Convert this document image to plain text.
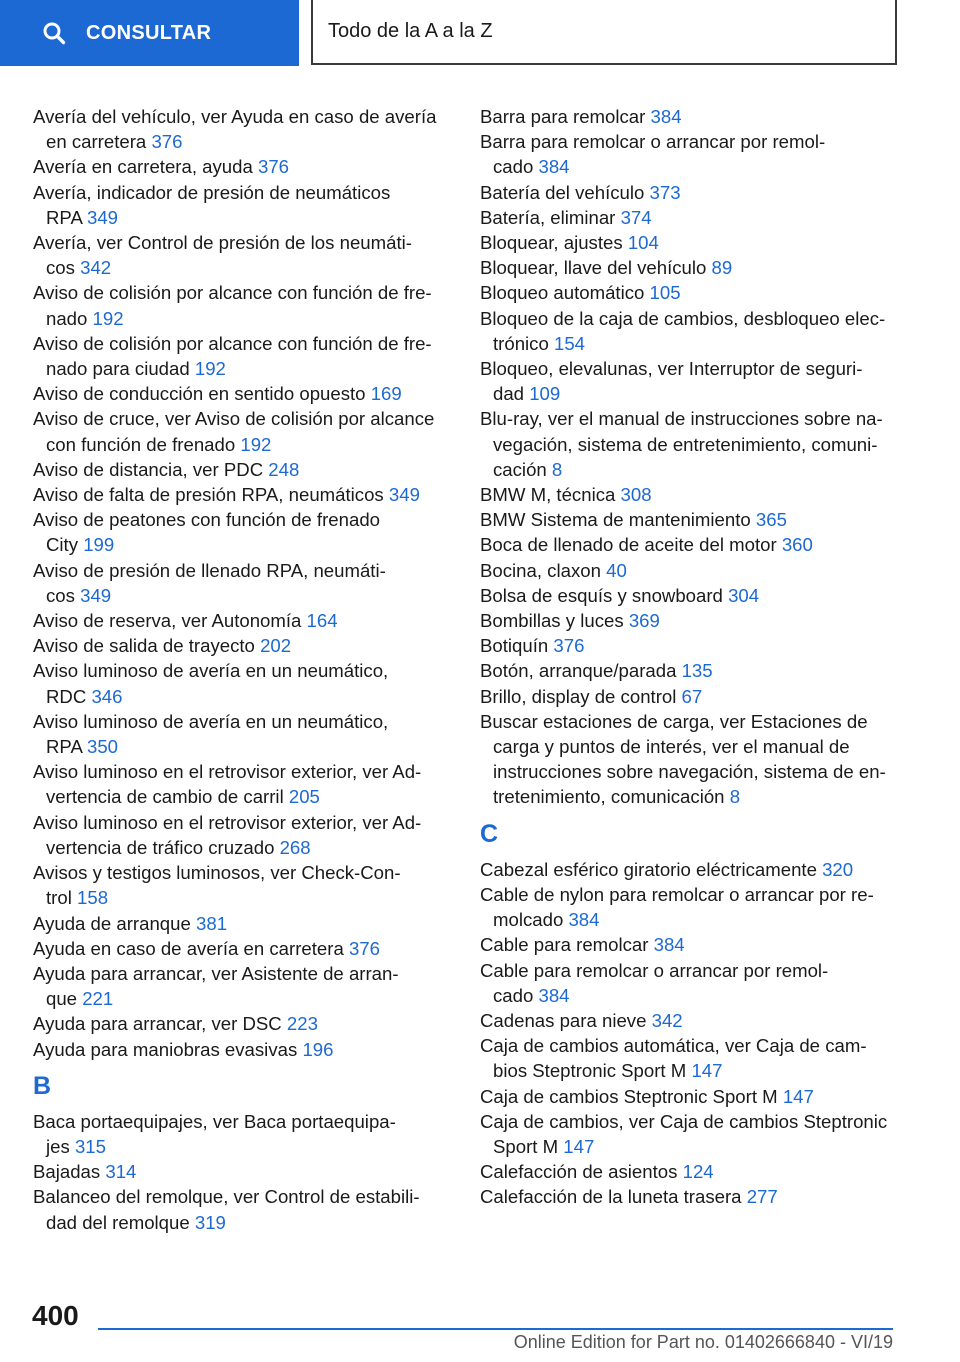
CONSULTAR	Todo de la A a la Z
Avería del vehículo, ver Ayuda en caso de avería
en carretera 376
Avería en carretera, ayuda 376
Avería, indicador de presión de neumáticos
RPA 349
Avería, ver Control de presión de los neumáti-
cos 342
Aviso de colisión por alcance con función de fre-
nado 192
Aviso de colisión por alcance con función de fre-
nado para ciudad 192
Aviso de conducción en sentido opuesto 169
Aviso de cruce, ver Aviso de colisión por alcance
con función de frenado 192
Aviso de distancia, ver PDC 248
Aviso de falta de presión RPA, neumáticos 349
Aviso de peatones con función de frenado
City 199
Aviso de presión de llenado RPA, neumáti-
cos 349
Aviso de reserva, ver Autonomía 164
Aviso de salida de trayecto 202
Aviso luminoso de avería en un neumático,
RDC 346
Aviso luminoso de avería en un neumático,
RPA 350
Aviso luminoso en el retrovisor exterior, ver Ad-
vertencia de cambio de carril 205
Aviso luminoso en el retrovisor exterior, ver Ad-
vertencia de tráfico cruzado 268
Avisos y testigos luminosos, ver Check-Con-
trol 158
Ayuda de arranque 381
Ayuda en caso de avería en carretera 376
Ayuda para arrancar, ver Asistente de arran-
que 221
Ayuda para arrancar, ver DSC 223
Ayuda para maniobras evasivas 196
B
Baca portaequipajes, ver Baca portaequipa-
jes 315
Bajadas 314
Balanceo del remolque, ver Control de estabili-
dad del remolque 319
Barra para remolcar 384
Barra para remolcar o arrancar por remol-
cado 384
Batería del vehículo 373
Batería, eliminar 374
Bloquear, ajustes 104
Bloquear, llave del vehículo 89
Bloqueo automático 105
Bloqueo de la caja de cambios, desbloqueo elec-
trónico 154
Bloqueo, elevalunas, ver Interruptor de seguri-
dad 109
Blu-ray, ver el manual de instrucciones sobre na-
vegación, sistema de entretenimiento, comuni-
cación 8
BMW M, técnica 308
BMW Sistema de mantenimiento 365
Boca de llenado de aceite del motor 360
Bocina, claxon 40
Bolsa de esquís y snowboard 304
Bombillas y luces 369
Botiquín 376
Botón, arranque/parada 135
Brillo, display de control 67
Buscar estaciones de carga, ver Estaciones de
carga y puntos de interés, ver el manual de
instrucciones sobre navegación, sistema de en-
tretenimiento, comunicación 8
C
Cabezal esférico giratorio eléctricamente 320
Cable de nylon para remolcar o arrancar por re-
molcado 384
Cable para remolcar 384
Cable para remolcar o arrancar por remol-
cado 384
Cadenas para nieve 342
Caja de cambios automática, ver Caja de cam-
bios Steptronic Sport M 147
Caja de cambios Steptronic Sport M 147
Caja de cambios, ver Caja de cambios Steptronic
Sport M 147
Calefacción de asientos 124
Calefacción de la luneta trasera 277
400
Online Edition for Part no. 01402666840 - VI/19
